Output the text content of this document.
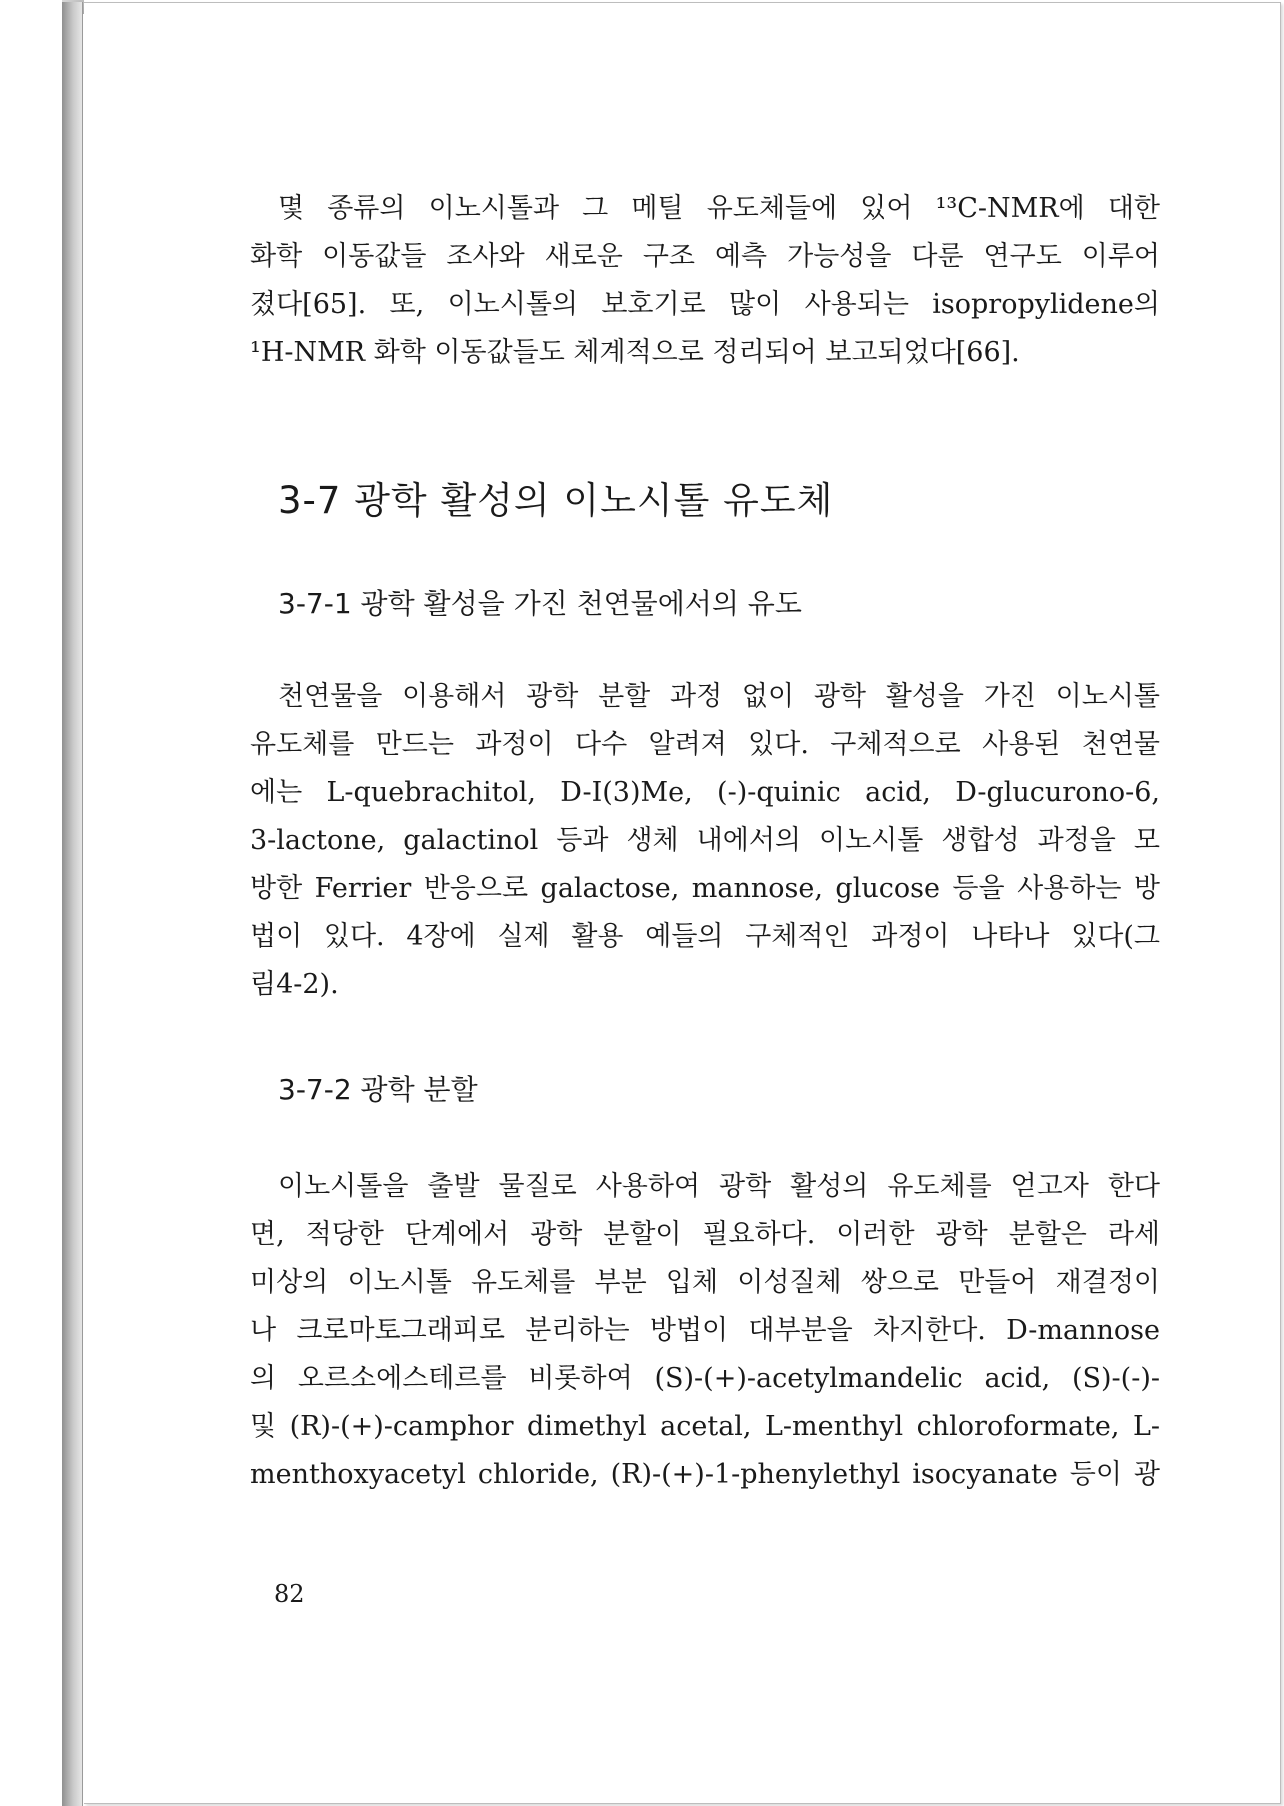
몇 종류의 이노시톨과 그 메틸 유도체들에 있어 ¹³C-NMR에 대한
화학 이동값들 조사와 새로운 구조 예측 가능성을 다룬 연구도 이루어
졌다[65]. 또, 이노시톨의 보호기로 많이 사용되는 isopropylidene의
¹H-NMR 화학 이동값들도 체계적으로 정리되어 보고되었다[66].
3-7 광학 활성의 이노시톨 유도체
3-7-1 광학 활성을 가진 천연물에서의 유도
천연물을 이용해서 광학 분할 과정 없이 광학 활성을 가진 이노시톨
유도체를 만드는 과정이 다수 알려져 있다. 구체적으로 사용된 천연물
에는 L-quebrachitol, D-I(3)Me, (-)-quinic acid, D-glucurono-6,
3-lactone, galactinol 등과 생체 내에서의 이노시톨 생합성 과정을 모
방한 Ferrier 반응으로 galactose, mannose, glucose 등을 사용하는 방
법이 있다. 4장에 실제 활용 예들의 구체적인 과정이 나타나 있다(그
림4-2).
3-7-2 광학 분할
이노시톨을 출발 물질로 사용하여 광학 활성의 유도체를 얻고자 한다
면, 적당한 단계에서 광학 분할이 필요하다. 이러한 광학 분할은 라세
미상의 이노시톨 유도체를 부분 입체 이성질체 쌍으로 만들어 재결정이
나 크로마토그래피로 분리하는 방법이 대부분을 차지한다. D-mannose
의 오르소에스테르를 비롯하여 (S)-(+)-acetylmandelic acid, (S)-(-)-
및 (R)-(+)-camphor dimethyl acetal, L-menthyl chloroformate, L-
menthoxyacetyl chloride, (R)-(+)-1-phenylethyl isocyanate 등이 광
82
